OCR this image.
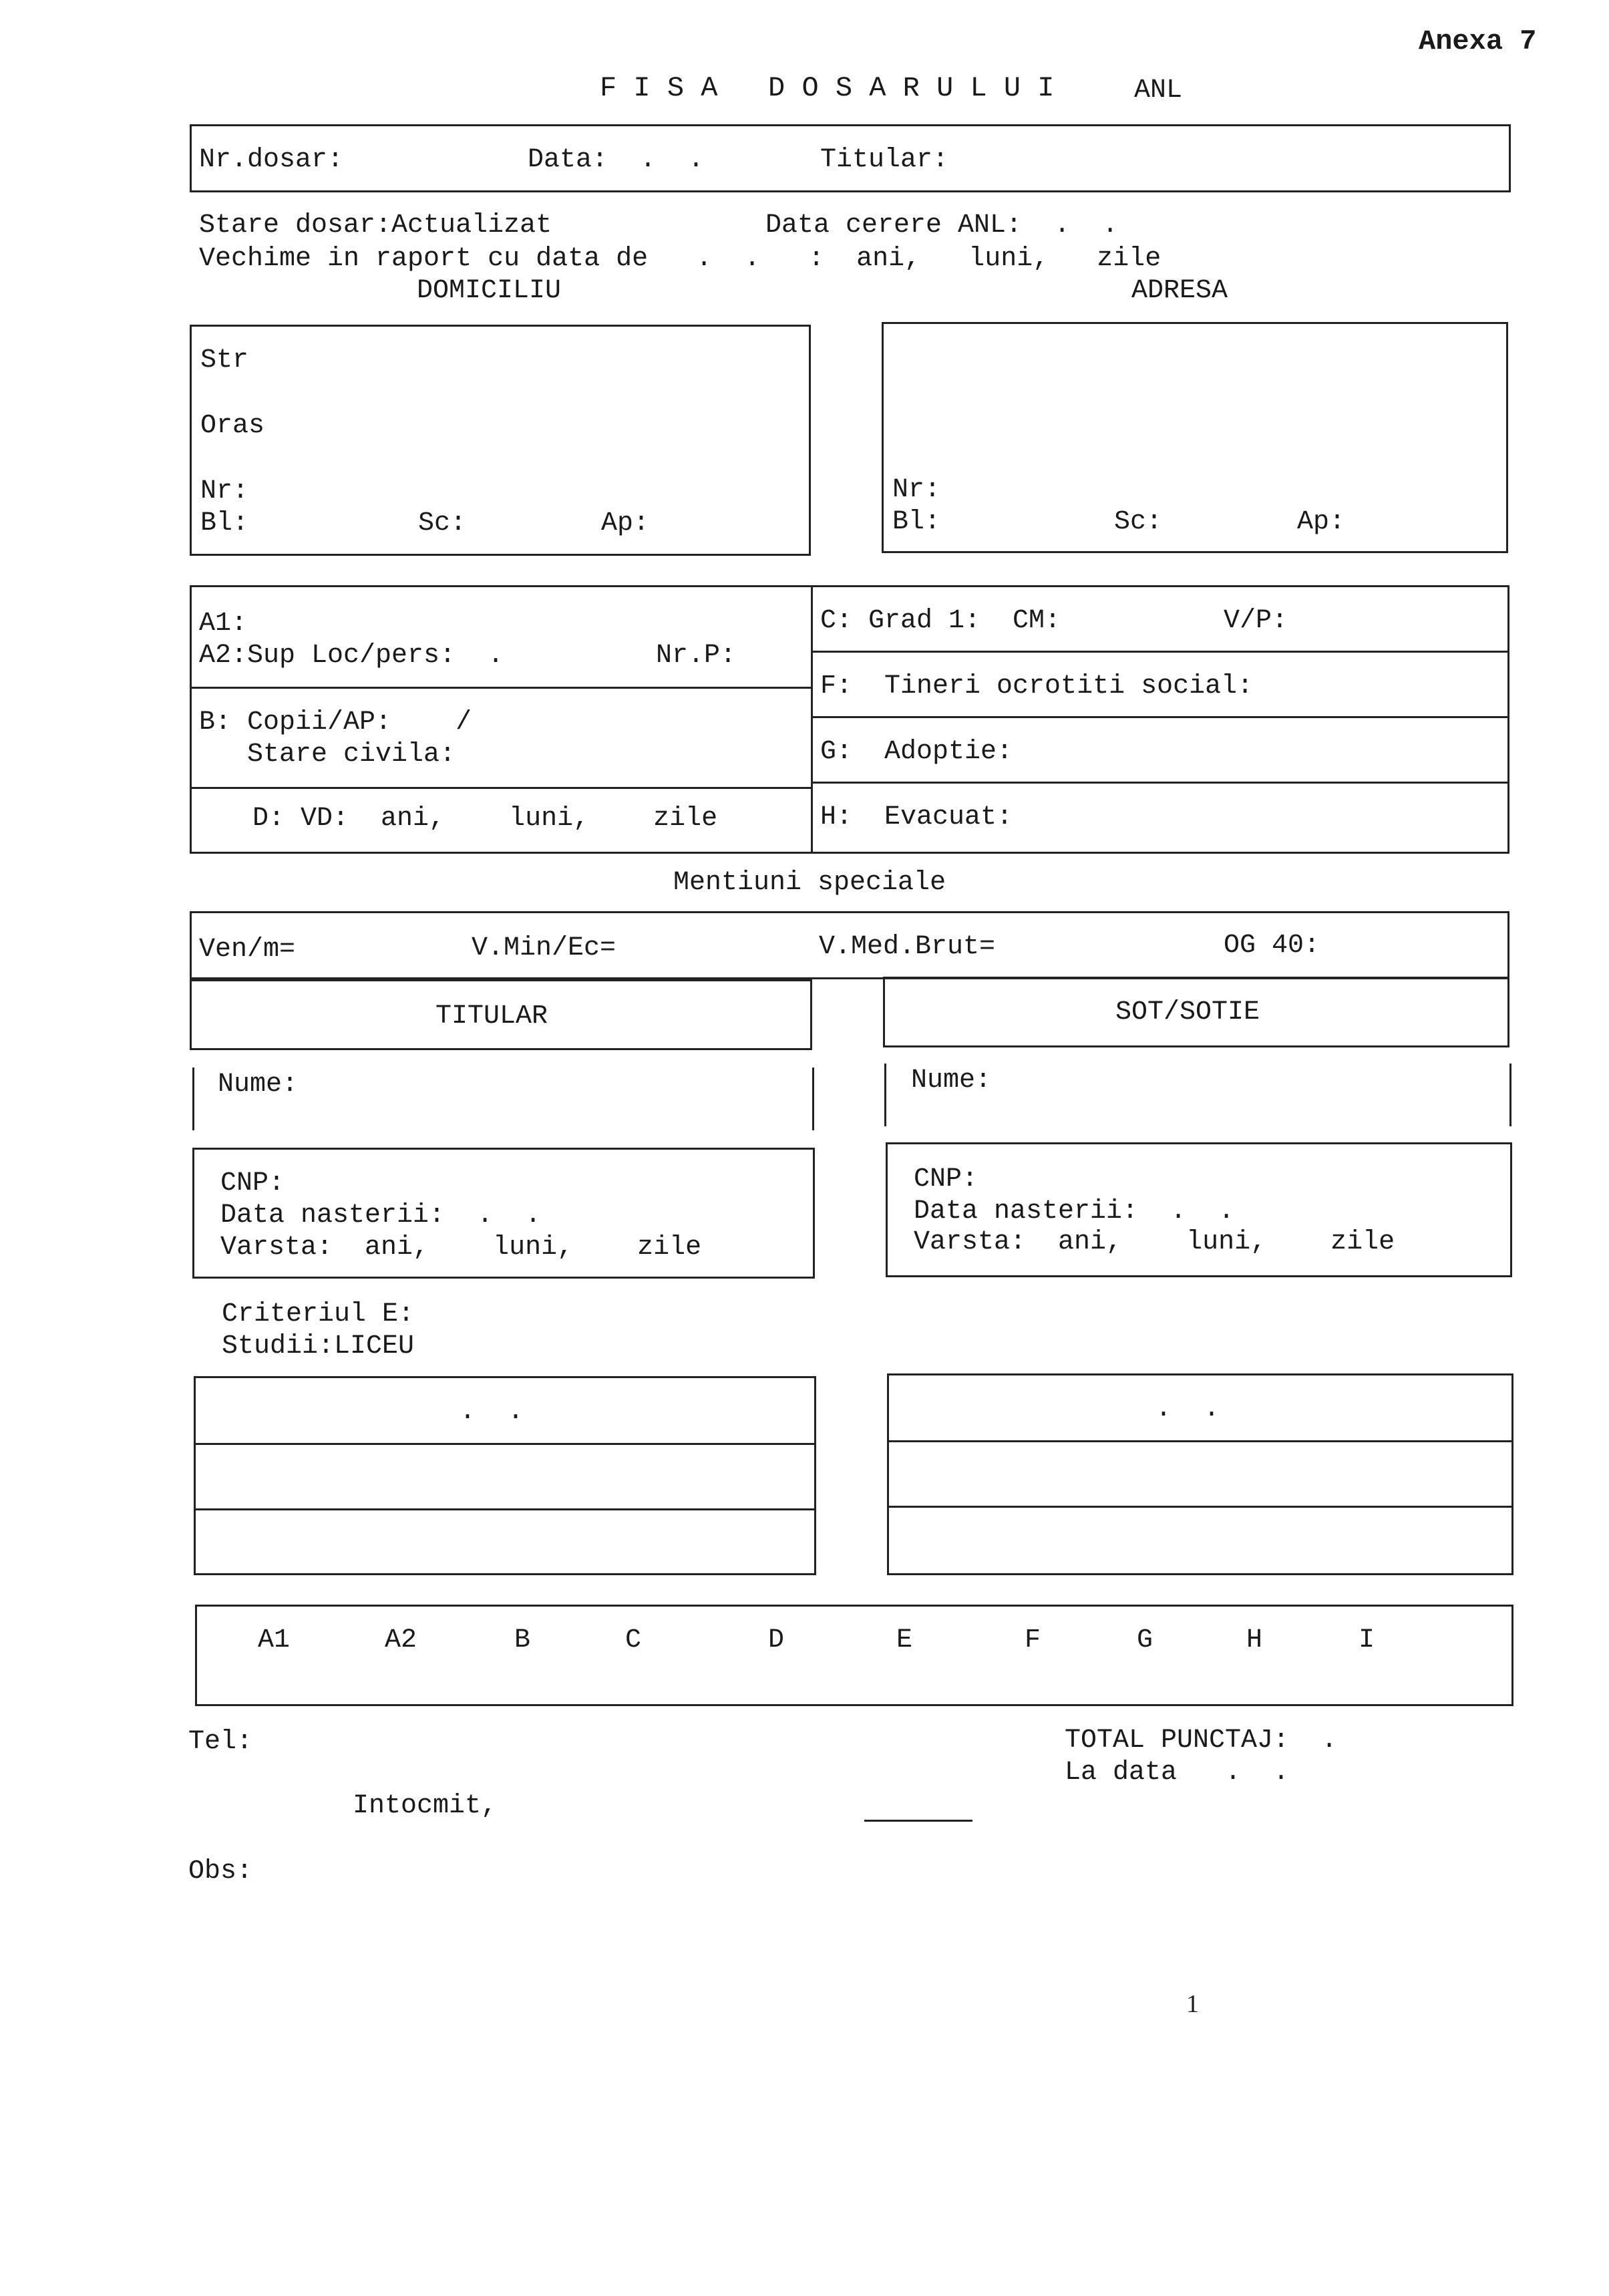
Anexa 7
F I S A   D O S A R U L U I	ANL
Nr.dosar:	Data:  .  .	Titular:
Stare dosar:Actualizat	Data cerere ANL:  .  .
Vechime in raport cu data de   .  .   :  ani,   luni,   zile
DOMICILIU	ADRESA
Str
Oras
Nr:
Bl:	Sc:	Ap:
Nr:
Bl:	Sc:	Ap:
A1:
A2:Sup Loc/pers:  .	Nr.P:
B: Copii/AP:    /
Stare civila:
D: VD:  ani,    luni,    zile
C: Grad 1:  CM:	V/P:
F:  Tineri ocrotiti social:
G:  Adoptie:
H:  Evacuat:
Mentiuni speciale
Ven/m=	V.Min/Ec=	V.Med.Brut=	OG 40:
TITULAR	SOT/SOTIE
Nume:	Nume:
CNP:
Data nasterii:  .  .
Varsta:  ani,    luni,    zile
CNP:
Data nasterii:  .  .
Varsta:  ani,    luni,    zile
Criteriul E:
Studii:LICEU
.  .	.  .
A1	A2	B	C	D	E	F	G	H	I
Tel:	TOTAL PUNCTAJ:  .
La data   .  .
Intocmit,
Obs:
1
